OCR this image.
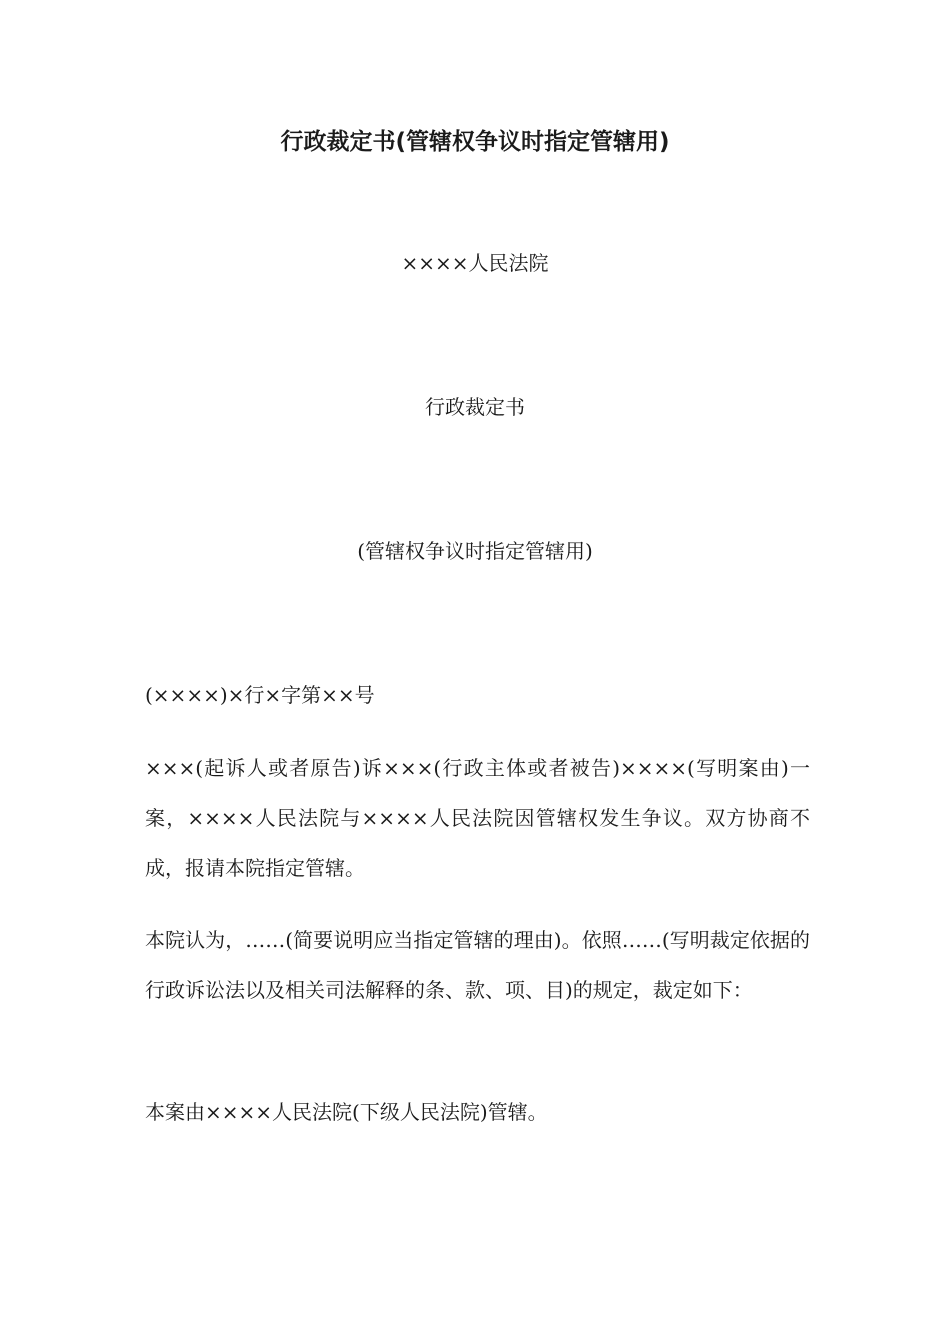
行政裁定书(管辖权争议时指定管辖用)

××××人民法院

行政裁定书

(管辖权争议时指定管辖用)

(××××)×行×字第××号

×××(起诉人或者原告)诉×××(行政主体或者被告)××××(写明案由)一案，××××人民法院与××××人民法院因管辖权发生争议。双方协商不成，报请本院指定管辖。

本院认为，……(简要说明应当指定管辖的理由)。依照……(写明裁定依据的行政诉讼法以及相关司法解释的条、款、项、目)的规定，裁定如下：

本案由××××人民法院(下级人民法院)管辖。
